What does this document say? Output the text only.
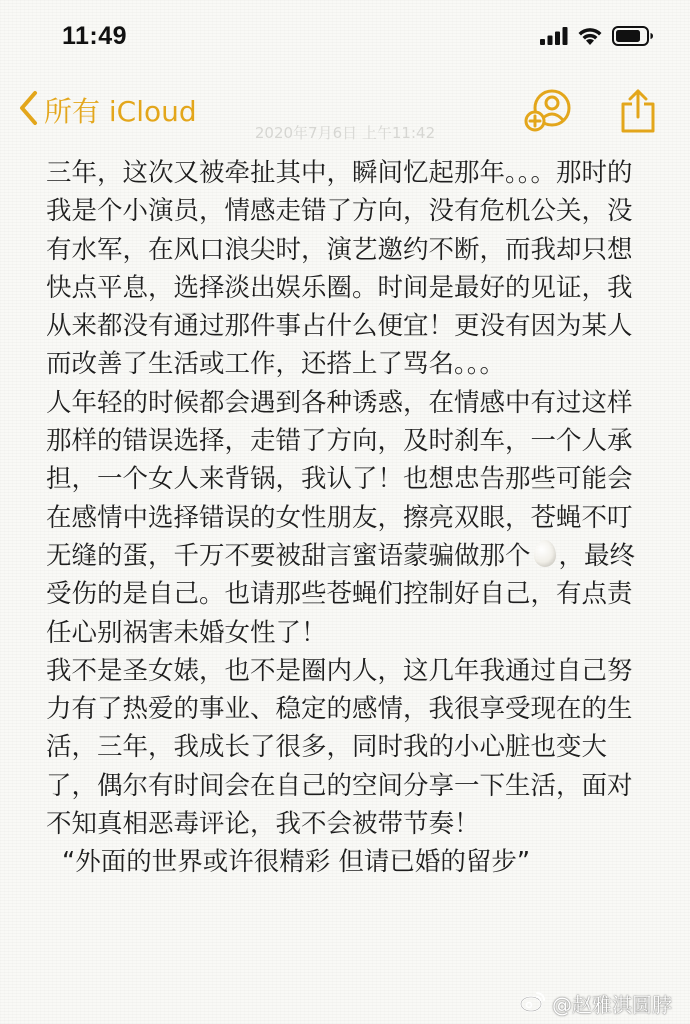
11:49
所有 iCloud
2020年7月6日 上午11:42

三年，这次又被牵扯其中，瞬间忆起那年。。。那时的我是个小演员，情感走错了方向，没有危机公关，没有水军，在风口浪尖时，演艺邀约不断，而我却只想快点平息，选择淡出娱乐圈。时间是最好的见证，我从来都没有通过那件事占什么便宜！更没有因为某人而改善了生活或工作，还搭上了骂名。。。

人年轻的时候都会遇到各种诱惑，在情感中有过这样那样的错误选择，走错了方向，及时刹车，一个人承担，一个女人来背锅，我认了！也想忠告那些可能会在感情中选择错误的女性朋友，擦亮双眼，苍蝇不叮无缝的蛋，千万不要被甜言蜜语蒙骗做那个 ，最终受伤的是自己。也请那些苍蝇们控制好自己，有点责任心别祸害未婚女性了！

我不是圣女婊，也不是圈内人，这几年我通过自己努力有了热爱的事业、稳定的感情，我很享受现在的生活，三年，我成长了很多，同时我的小心脏也变大了，偶尔有时间会在自己的空间分享一下生活，面对不知真相恶毒评论，我不会被带节奏！

“外面的世界或许很精彩 但请已婚的留步”

@赵雅淇圆脖
